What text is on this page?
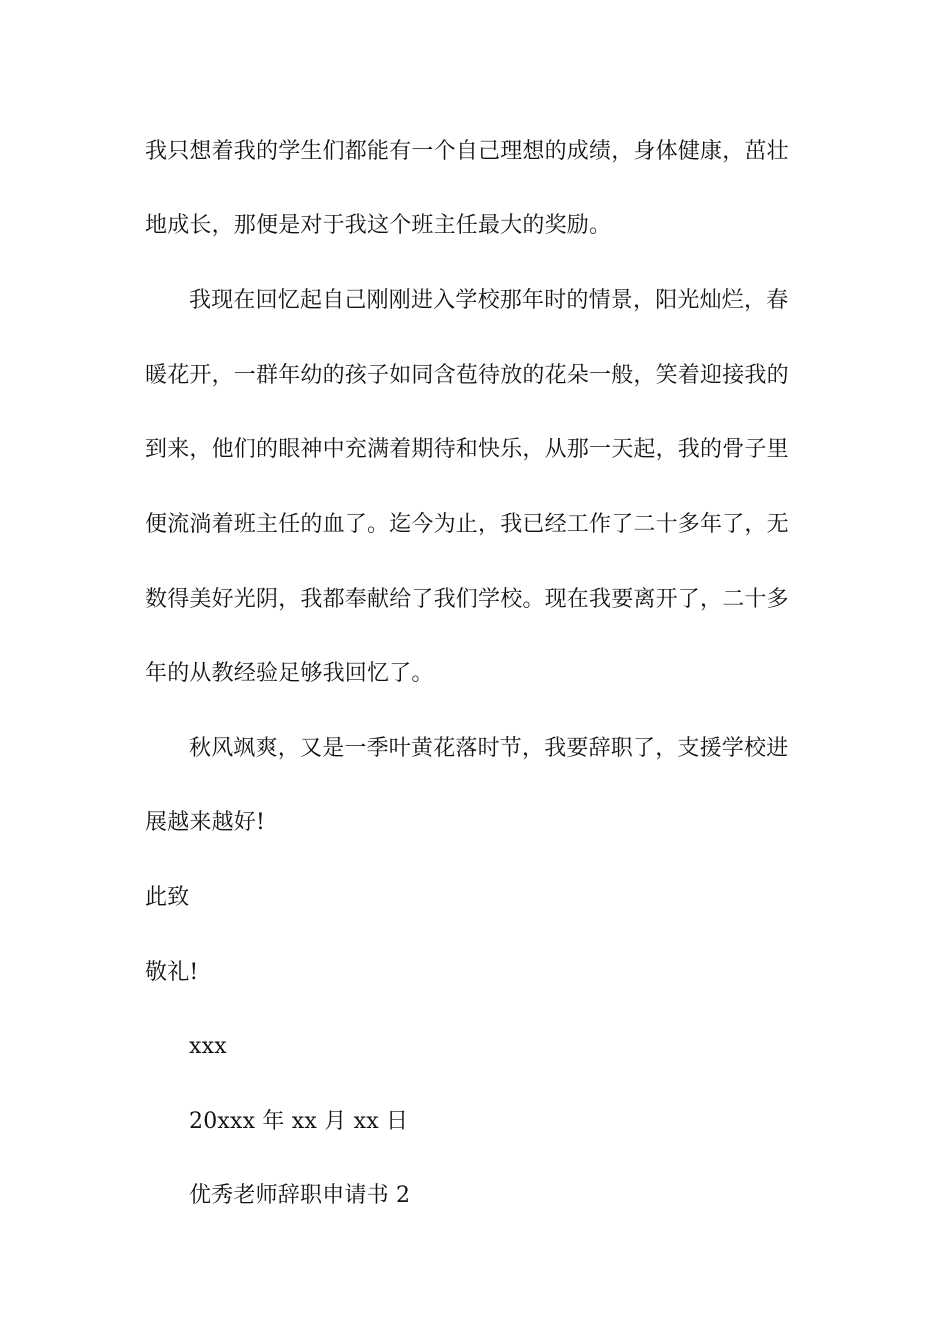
我只想着我的学生们都能有一个自己理想的成绩，身体健康，茁壮
地成长，那便是对于我这个班主任最大的奖励。
我现在回忆起自己刚刚进入学校那年时的情景，阳光灿烂，春
暖花开，一群年幼的孩子如同含苞待放的花朵一般，笑着迎接我的
到来，他们的眼神中充满着期待和快乐，从那一天起，我的骨子里
便流淌着班主任的血了。迄今为止，我已经工作了二十多年了，无
数得美好光阴，我都奉献给了我们学校。现在我要离开了，二十多
年的从教经验足够我回忆了。
秋风飒爽，又是一季叶黄花落时节，我要辞职了，支援学校进
展越来越好!
此致
敬礼!
xxx
20xxx 年 xx 月 xx 日
优秀老师辞职申请书 2
